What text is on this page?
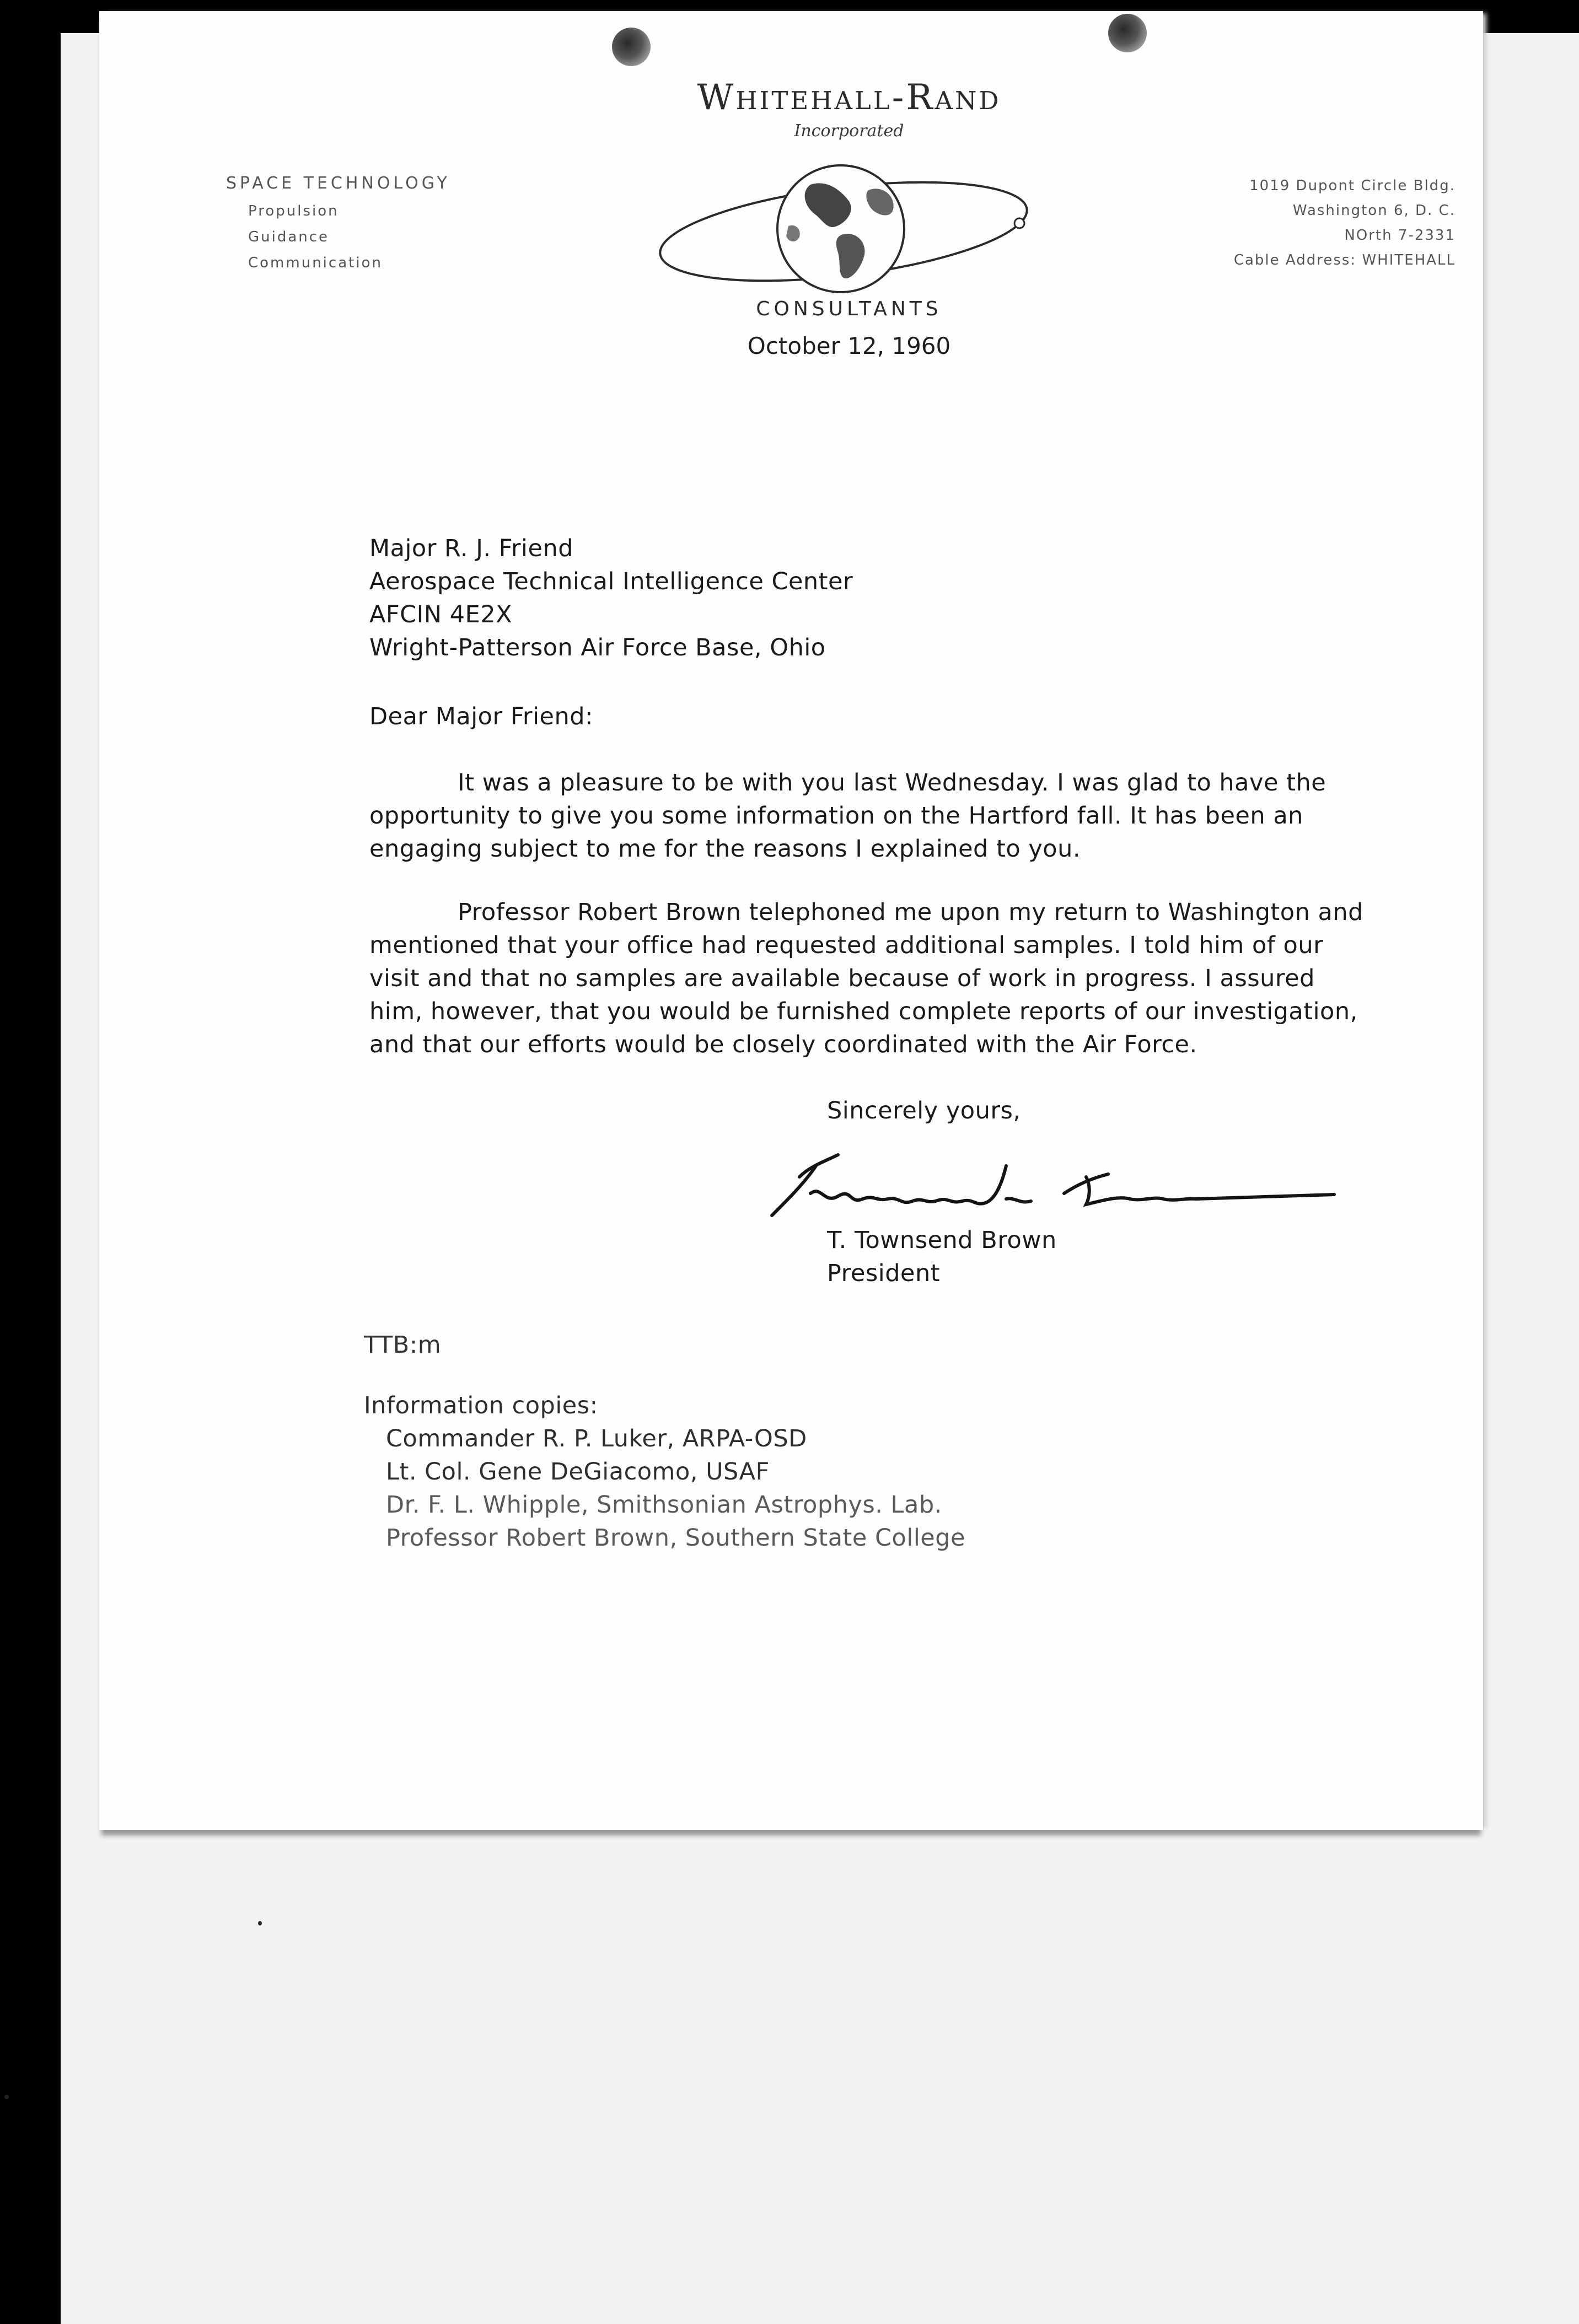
Whitehall-Rand
Incorporated
CONSULTANTS
SPACE TECHNOLOGY
Propulsion
Guidance
Communication
1019 Dupont Circle Bldg.
Washington 6, D. C.
NOrth 7-2331
Cable Address: WHITEHALL
October 12, 1960
Major R. J. Friend
Aerospace Technical Intelligence Center
AFCIN 4E2X
Wright-Patterson Air Force Base, Ohio
Dear Major Friend:
It was a pleasure to be with you last Wednesday. I was glad to have the
opportunity to give you some information on the Hartford fall. It has been an
engaging subject to me for the reasons I explained to you.
Professor Robert Brown telephoned me upon my return to Washington and
mentioned that your office had requested additional samples. I told him of our
visit and that no samples are available because of work in progress. I assured
him, however, that you would be furnished complete reports of our investigation,
and that our efforts would be closely coordinated with the Air Force.
Sincerely yours,
T. Townsend Brown
President
TTB:m
Information copies:
Commander R. P. Luker, ARPA-OSD
Lt. Col. Gene DeGiacomo, USAF
Dr. F. L. Whipple, Smithsonian Astrophys. Lab.
Professor Robert Brown, Southern State College
